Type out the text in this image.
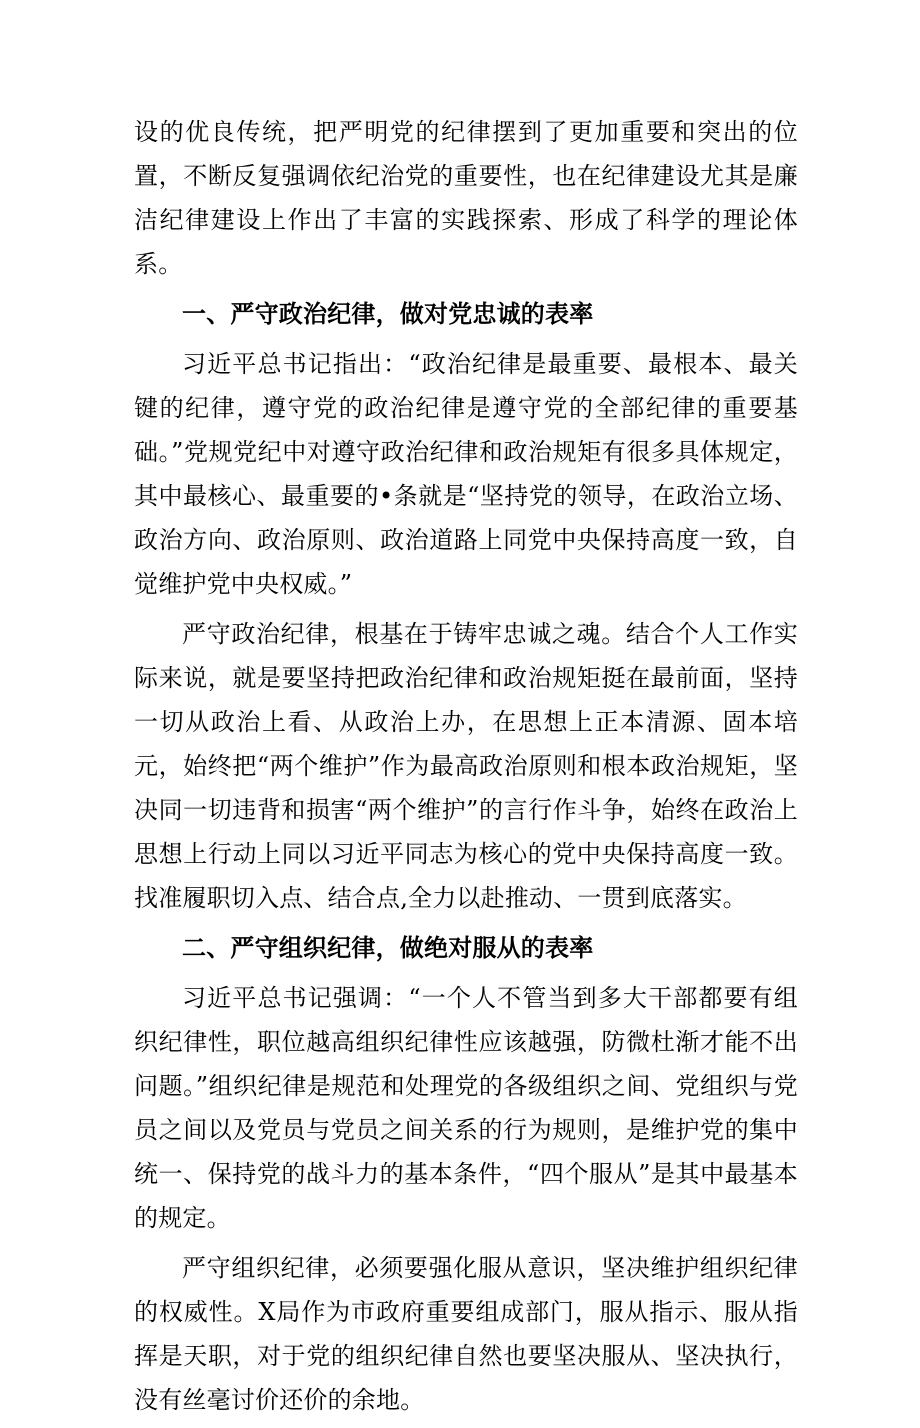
设的优良传统，把严明党的纪律摆到了更加重要和突出的位置，不断反复强调依纪治党的重要性，也在纪律建设尤其是廉洁纪律建设上作出了丰富的实践探索、形成了科学的理论体系。

一、严守政治纪律，做对党忠诚的表率

习近平总书记指出：“政治纪律是最重要、最根本、最关键的纪律，遵守党的政治纪律是遵守党的全部纪律的重要基础。”党规党纪中对遵守政治纪律和政治规矩有很多具体规定，其中最核心、最重要的•条就是“坚持党的领导，在政治立场、政治方向、政治原则、政治道路上同党中央保持高度一致，自觉维护党中央权威。”

严守政治纪律，根基在于铸牢忠诚之魂。结合个人工作实际来说，就是要坚持把政治纪律和政治规矩挺在最前面，坚持一切从政治上看、从政治上办，在思想上正本清源、固本培元，始终把“两个维护”作为最高政治原则和根本政治规矩，坚决同一切违背和损害“两个维护”的言行作斗争，始终在政治上思想上行动上同以习近平同志为核心的党中央保持高度一致。找准履职切入点、结合点,全力以赴推动、一贯到底落实。

二、严守组织纪律，做绝对服从的表率

习近平总书记强调：“一个人不管当到多大干部都要有组织纪律性，职位越高组织纪律性应该越强，防微杜渐才能不出问题。”组织纪律是规范和处理党的各级组织之间、党组织与党员之间以及党员与党员之间关系的行为规则，是维护党的集中统一、保持党的战斗力的基本条件，“四个服从”是其中最基本的规定。

严守组织纪律，必须要强化服从意识，坚决维护组织纪律的权威性。X局作为市政府重要组成部门，服从指示、服从指挥是天职，对于党的组织纪律自然也要坚决服从、坚决执行，没有丝毫讨价还价的余地。
